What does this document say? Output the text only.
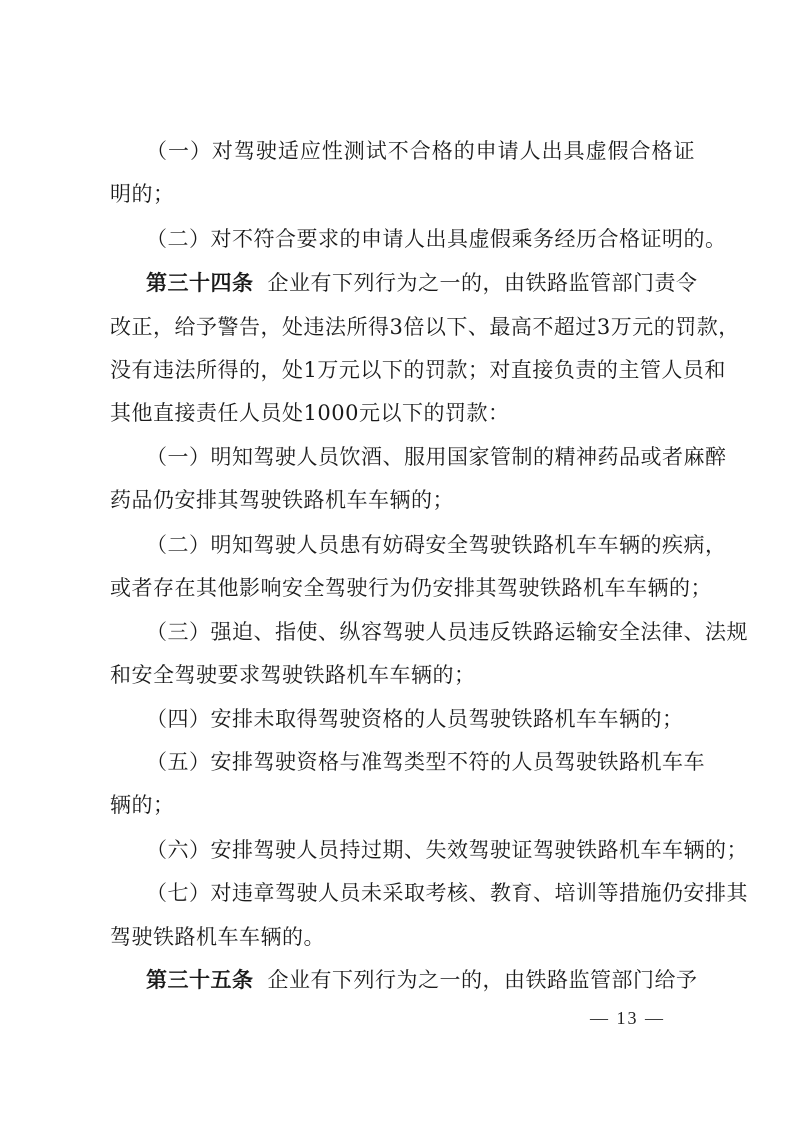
（一）对驾驶适应性测试不合格的申请人出具虚假合格证
明的；
（二）对不符合要求的申请人出具虚假乘务经历合格证明的。
第三十四条 企业有下列行为之一的，由铁路监管部门责令
改正，给予警告，处违法所得3倍以下、最高不超过3万元的罚款，
没有违法所得的，处1万元以下的罚款；对直接负责的主管人员和
其他直接责任人员处1000元以下的罚款：
（一）明知驾驶人员饮酒、服用国家管制的精神药品或者麻醉
药品仍安排其驾驶铁路机车车辆的；
（二）明知驾驶人员患有妨碍安全驾驶铁路机车车辆的疾病，
或者存在其他影响安全驾驶行为仍安排其驾驶铁路机车车辆的；
（三）强迫、指使、纵容驾驶人员违反铁路运输安全法律、法规
和安全驾驶要求驾驶铁路机车车辆的；
（四）安排未取得驾驶资格的人员驾驶铁路机车车辆的；
（五）安排驾驶资格与准驾类型不符的人员驾驶铁路机车车
辆的；
（六）安排驾驶人员持过期、失效驾驶证驾驶铁路机车车辆的；
（七）对违章驾驶人员未采取考核、教育、培训等措施仍安排其
驾驶铁路机车车辆的。
第三十五条 企业有下列行为之一的，由铁路监管部门给予
— 13 —
